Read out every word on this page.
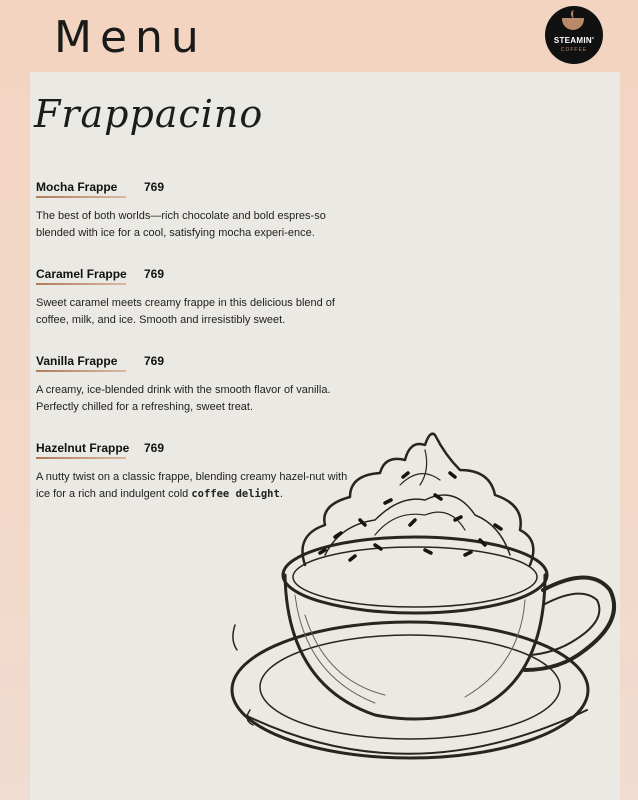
Menu	STEAMIN'
COFFEE
Frappacino
Mocha Frappe 769
The best of both worlds—rich chocolate and bold espres-so blended with ice for a cool, satisfying mocha experi-ence.
Caramel Frappe 769
Sweet caramel meets creamy frappe in this delicious blend of coffee, milk, and ice. Smooth and irresistibly sweet.
Vanilla Frappe 769
A creamy, ice-blended drink with the smooth flavor of vanilla. Perfectly chilled for a refreshing, sweet treat.
Hazelnut Frappe 769
A nutty twist on a classic frappe, blending creamy hazel-nut with ice for a rich and indulgent cold coffee delight.
